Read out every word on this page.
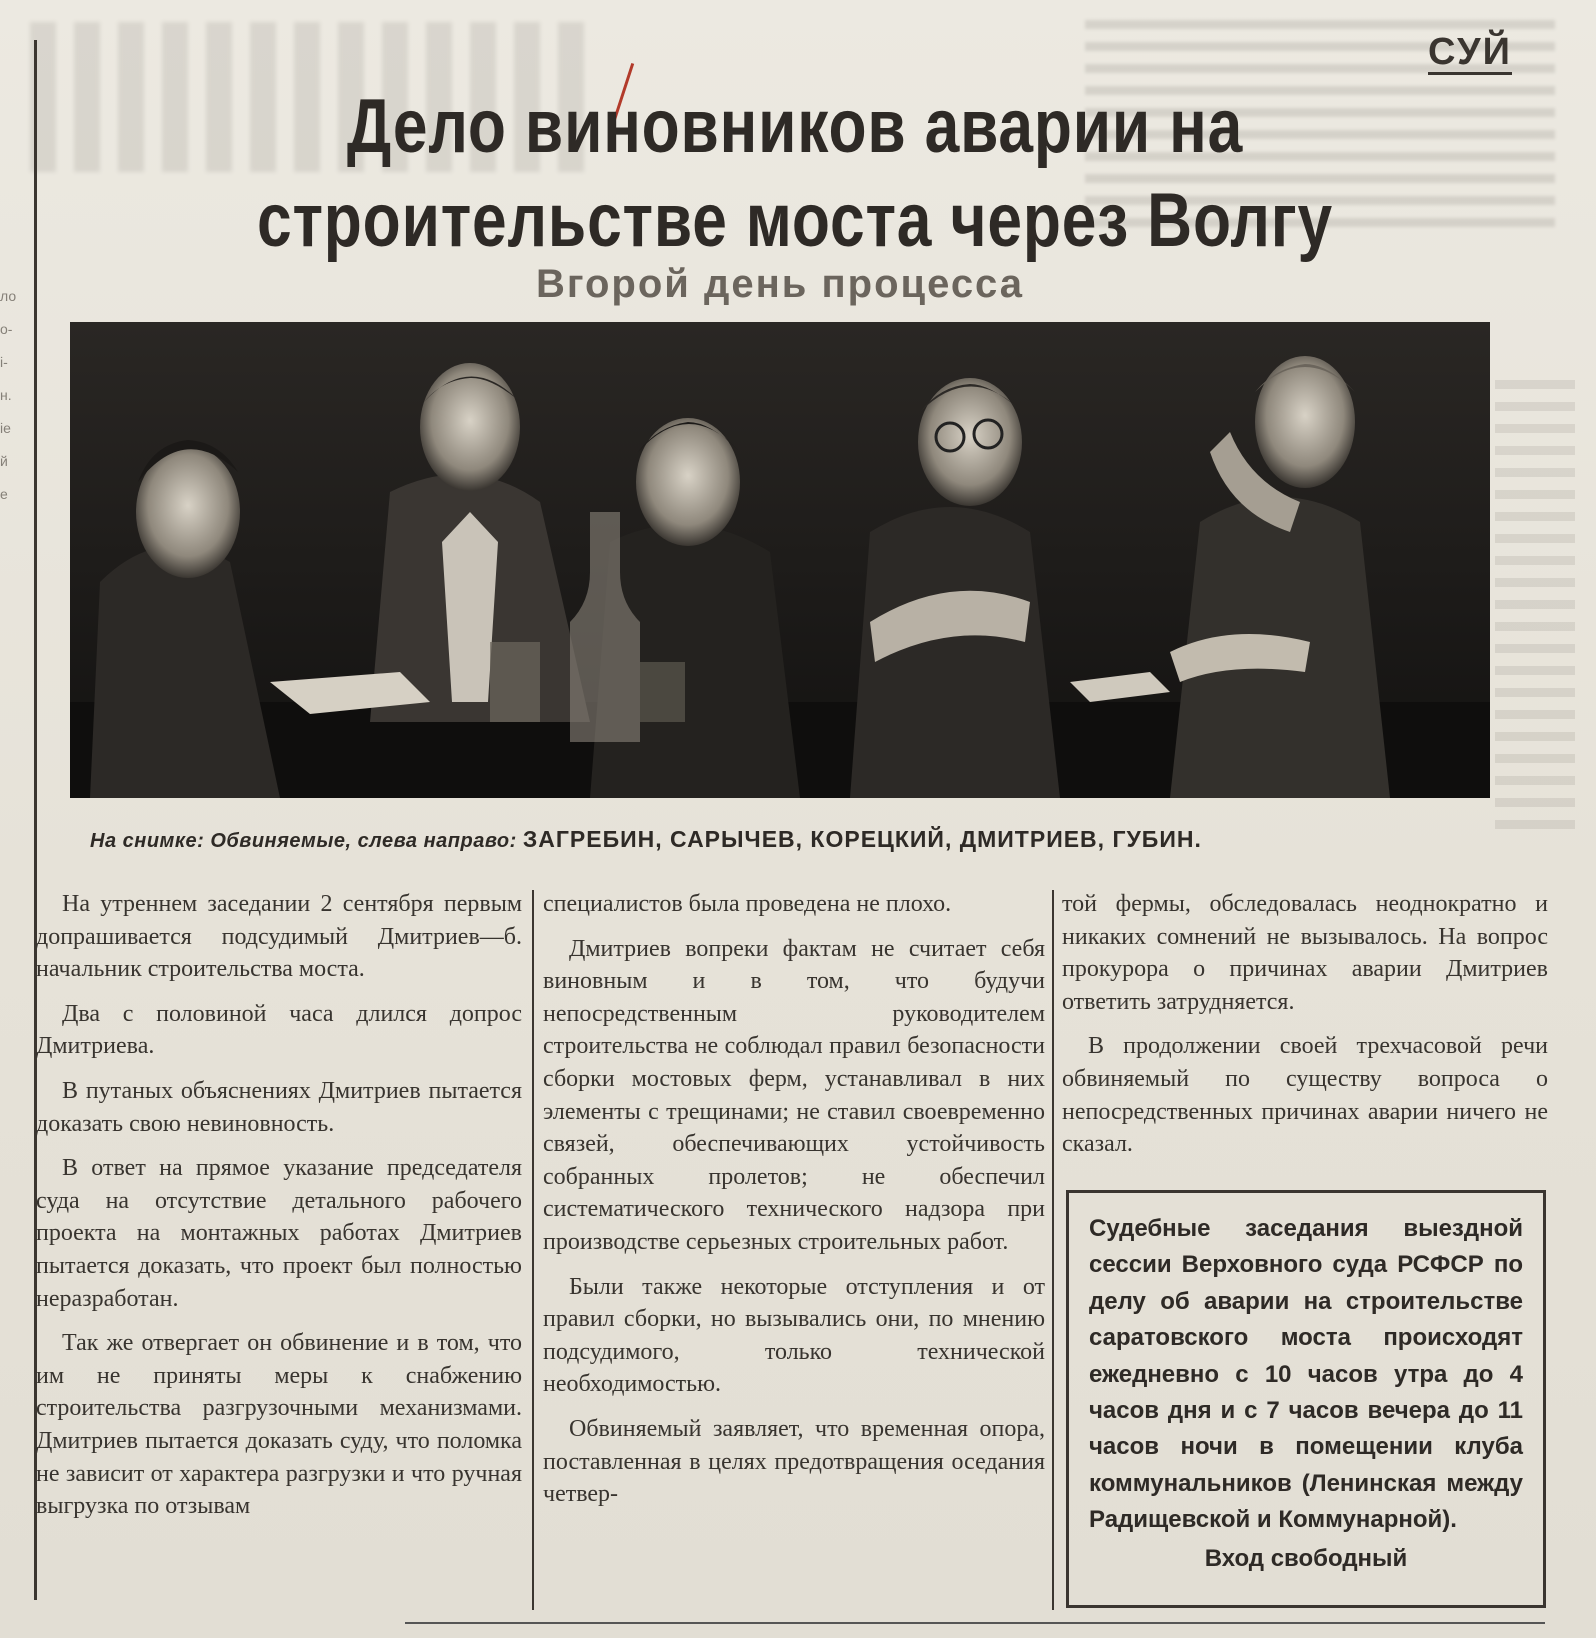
ло
о-
і-
н.
іе
й
е
СУЙ
Дело виновников аварии на строительстве моста через Волгу
Вгорой день процесса
На снимке: Обвиняемые, слева направо: ЗАГРЕБИН, САРЫЧЕВ, КОРЕЦКИЙ, ДМИТРИЕВ, ГУБИН.

На утреннем заседании 2 сентября первым допрашивается подсудимый Дмитриев—б. начальник строительства моста.

Два с половиной часа длился допрос Дмитриева.

В путаных объяснениях Дмитриев пытается доказать свою невиновность.

В ответ на прямое указание председателя суда на отсутствие детального рабочего проекта на монтажных работах Дмитриев пытается доказать, что проект был полностью неразработан.

Так же отвергает он обвинение и в том, что им не приняты меры к снабжению строительства разгрузочными механизмами. Дмитриев пытается доказать суду, что поломка не зависит от характера разгрузки и что ручная выгрузка по отзывам

специалистов была проведена не плохо.

Дмитриев вопреки фактам не считает себя виновным и в том, что будучи непосредственным руководителем строительства не соблюдал правил безопасности сборки мостовых ферм, устанавливал в них элементы с трещинами; не ставил своевременно связей, обеспечивающих устойчивость собранных пролетов; не обеспечил систематического технического надзора при производстве серьезных строительных работ.

Были также некоторые отступления и от правил сборки, но вызывались они, по мнению подсудимого, только технической необходимостью.

Обвиняемый заявляет, что временная опора, поставленная в целях предотвращения оседания четвер-

той фермы, обследовалась неоднократно и никаких сомнений не вызывалось. На вопрос прокурора о причинах аварии Дмитриев ответить затрудняется.

В продолжении своей трехчасовой речи обвиняемый по существу вопроса о непосредственных причинах аварии ничего не сказал.

Судебные заседания выездной сессии Верховного суда РСФСР по делу об аварии на строительстве саратовского моста происходят ежедневно с 10 часов утра до 4 часов дня и с 7 часов вечера до 11 часов ночи в помещении клуба коммунальников (Ленинская между Радищевской и Коммунарной).
Вход свободный
